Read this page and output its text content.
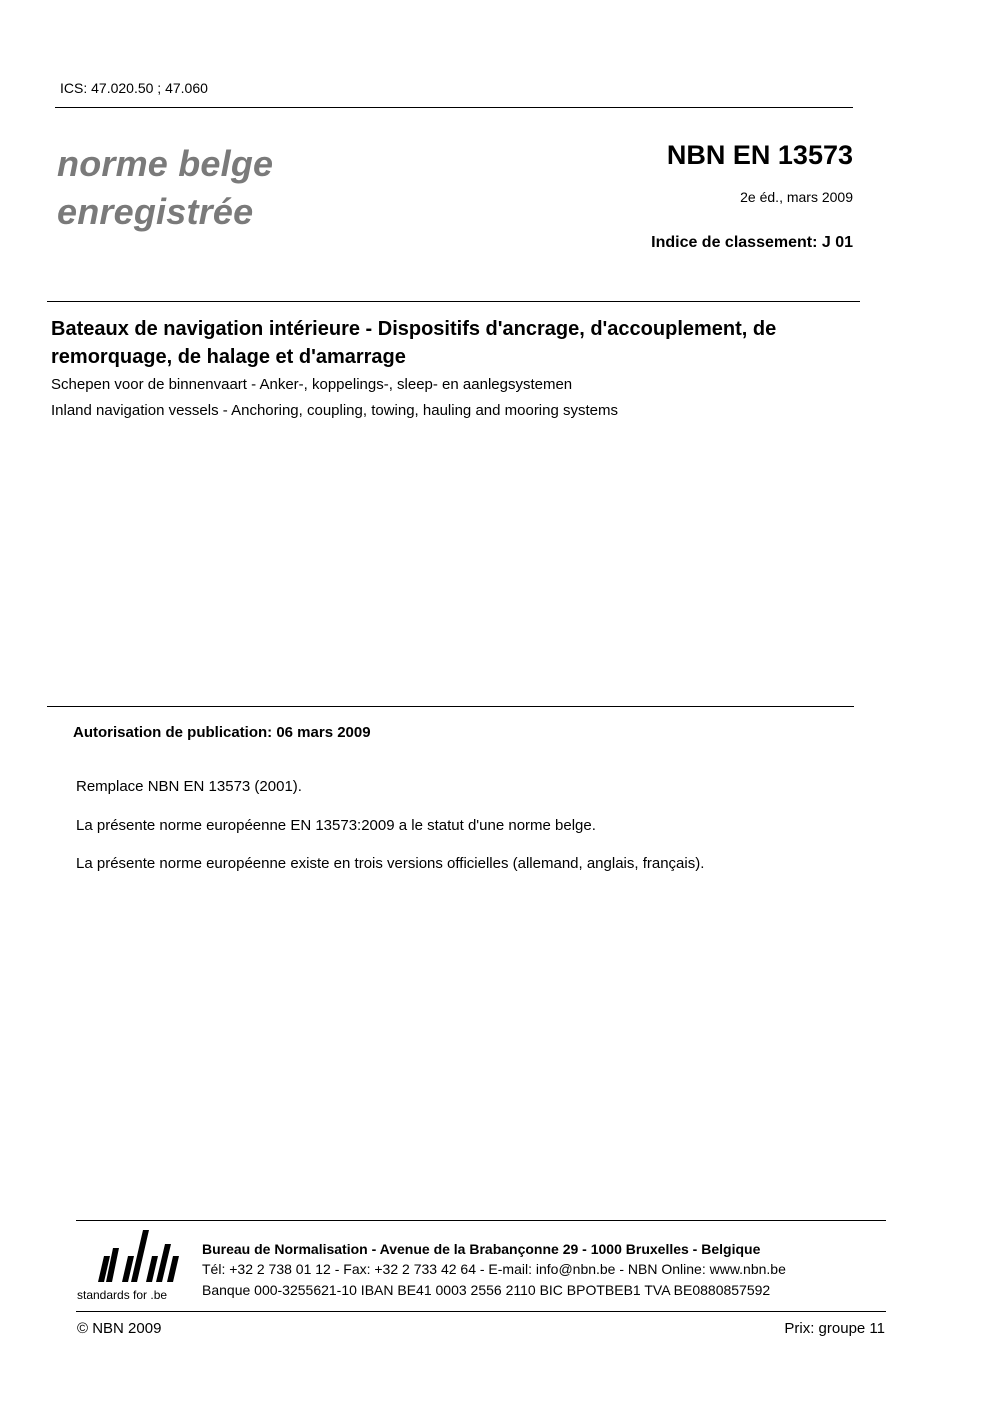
ICS: 47.020.50 ; 47.060
norme belge
enregistrée
NBN EN 13573
2e éd., mars 2009
Indice de classement: J 01
Bateaux de navigation intérieure - Dispositifs d'ancrage, d'accouplement, de remorquage, de halage et d'amarrage
Schepen voor de binnenvaart - Anker-, koppelings-, sleep- en aanlegsystemen
Inland navigation vessels - Anchoring, coupling, towing, hauling and mooring systems
Autorisation de publication: 06 mars 2009
Remplace NBN EN 13573 (2001).
La présente norme européenne EN 13573:2009 a le statut d'une norme belge.
La présente norme européenne existe en trois versions officielles (allemand, anglais, français).
standards for .be
Bureau de Normalisation - Avenue de la Brabançonne 29 - 1000 Bruxelles - Belgique
Tél: +32 2 738 01 12 - Fax: +32 2 733 42 64 - E-mail: info@nbn.be - NBN Online: www.nbn.be
Banque 000-3255621-10 IBAN BE41 0003 2556 2110 BIC BPOTBEB1 TVA BE0880857592
© NBN 2009	Prix: groupe 11
